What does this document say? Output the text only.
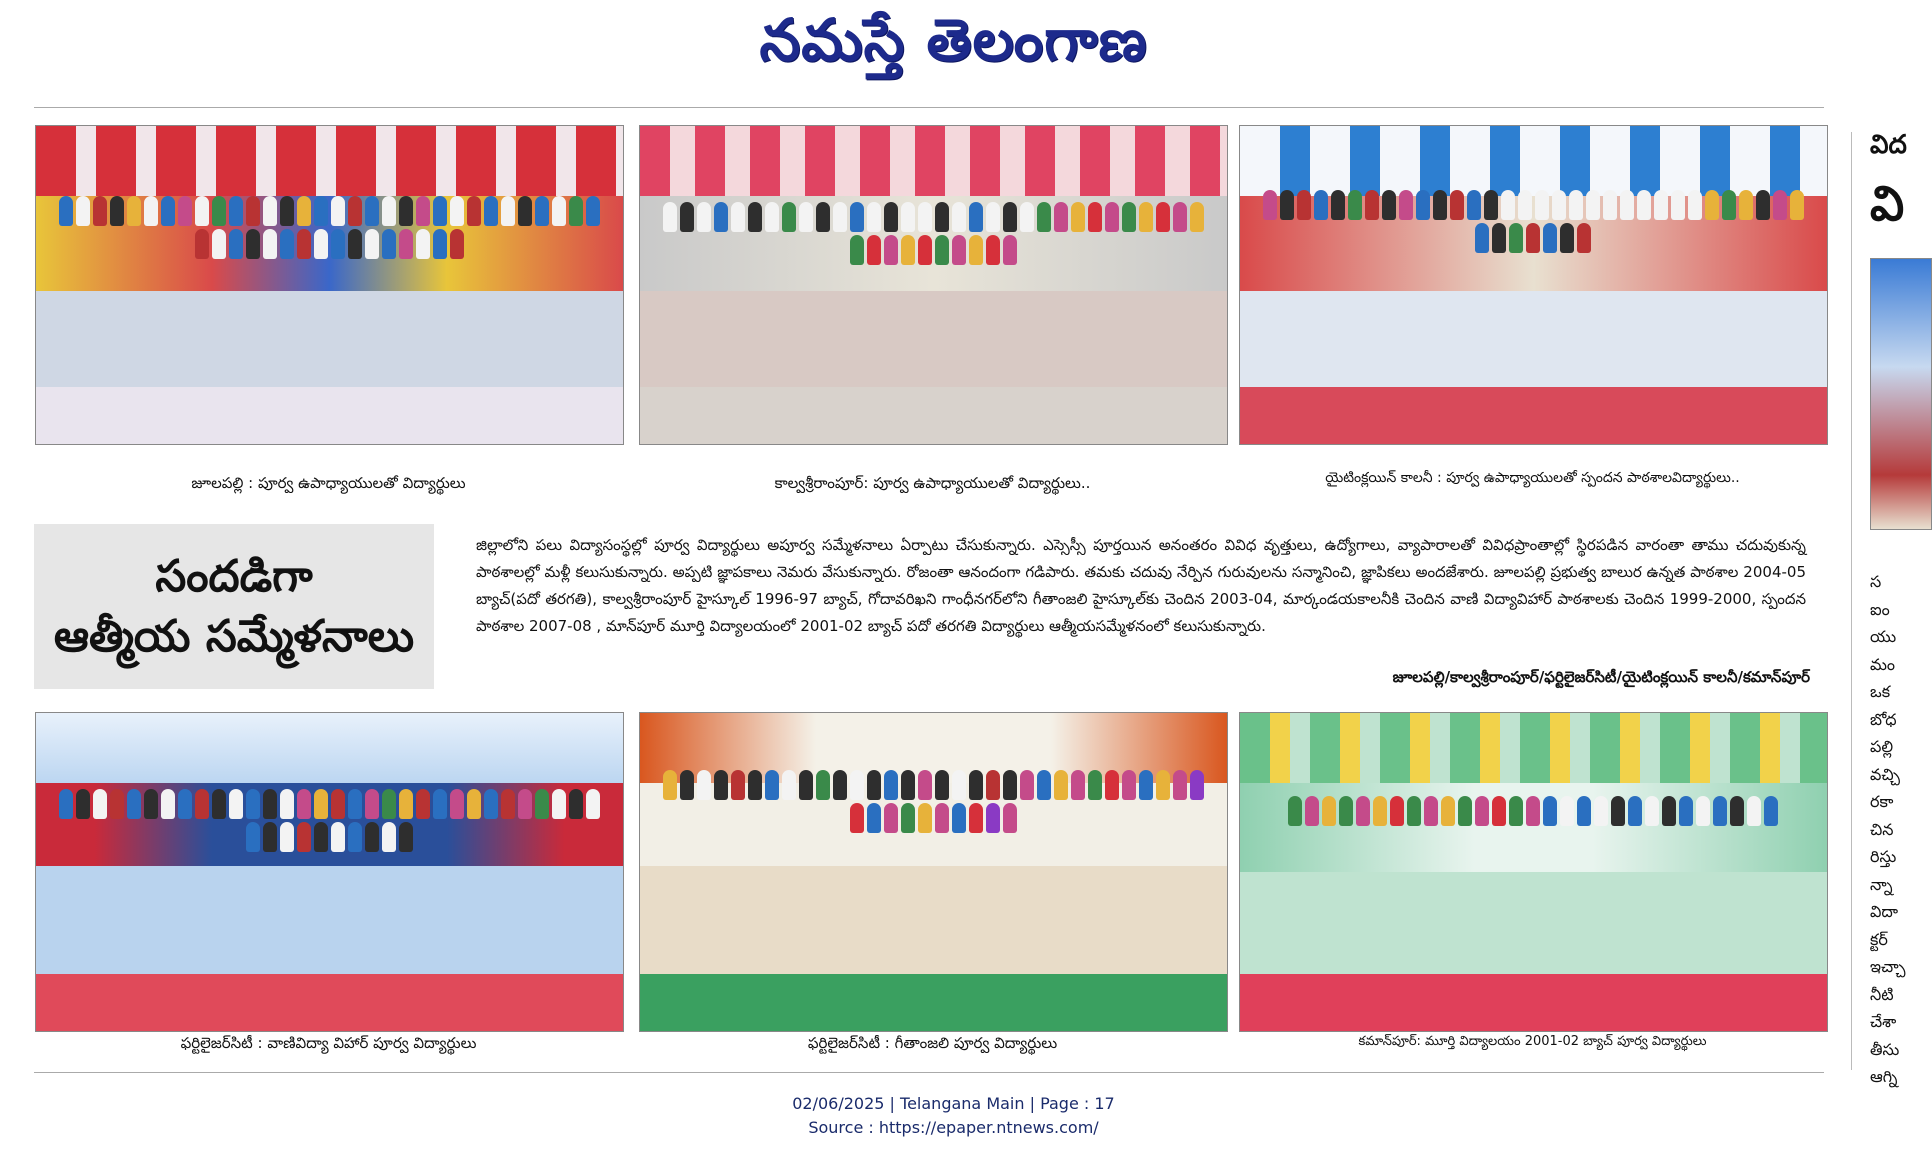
నమస్తే తెలంగాణ
జూలపల్లి : పూర్వ ఉపాధ్యాయులతో విద్యార్థులు	కాల్వశ్రీరాంపూర్: పూర్వ ఉపాధ్యాయులతో విద్యార్థులు..	యైటింక్లయిన్ కాలనీ : పూర్వ ఉపాధ్యాయులతో స్పందన పాఠశాలవిద్యార్థులు..
సందడిగా
ఆత్మీయ సమ్మేళనాలు
జిల్లాలోని పలు విద్యాసంస్థల్లో పూర్వ విద్యార్థులు అపూర్వ సమ్మేళనాలు ఏర్పాటు చేసుకున్నారు. ఎస్సెస్సీ పూర్తయిన అనంతరం వివిధ వృత్తులు, ఉద్యోగాలు, వ్యాపారాలతో వివిధప్రాంతాల్లో స్థిరపడిన వారంతా తాము చదువుకున్న పాఠశాలల్లో మళ్లీ కలుసుకున్నారు. అప్పటి జ్ఞాపకాలు నెమరు వేసుకున్నారు. రోజంతా ఆనందంగా గడిపారు. తమకు చదువు నేర్పిన గురువులను సన్మానించి, జ్ఞాపికలు అందజేశారు. జూలపల్లి ప్రభుత్వ బాలుర ఉన్నత పాఠశాల 2004-05 బ్యాచ్(పదో తరగతి), కాల్వశ్రీరాంపూర్ హైస్కూల్ 1996-97 బ్యాచ్, గోదావరిఖని గాంధీనగర్‌లోని గీతాంజలి హైస్కూల్‌కు చెందిన 2003-04, మార్కండయకాలనీకి చెందిన వాణి విద్యావిహార్ పాఠశాలకు చెందిన 1999-2000, స్పందన పాఠశాల 2007-08 , మాన్‌పూర్ మూర్తి విద్యాలయంలో 2001-02 బ్యాచ్ పదో తరగతి విద్యార్థులు ఆత్మీయసమ్మేళనంలో కలుసుకున్నారు.
జూలపల్లి/కాల్వశ్రీరాంపూర్/ఫర్టిలైజర్‌సిటీ/యైటింక్లయిన్ కాలనీ/కమాన్‌పూర్
ఫర్టిలైజర్‌సిటీ : వాణివిద్యా విహార్ పూర్వ విద్యార్థులు	ఫర్టిలైజర్‌సిటీ : గీతాంజలి పూర్వ విద్యార్థులు	కమాన్‌పూర్: మూర్తి విద్యాలయం 2001-02 బ్యాచ్ పూర్వ విద్యార్థులు
విద
వి
స
ఐం
యు
మం
ఒక
బోధ
పల్లి
వచ్చి
రకా
చిన
రిస్తు
న్నా
విదా
క్టర్
ఇచ్చా
నీటి
చేశా
తీసు
ఆగ్ని
02/06/2025 | Telangana Main | Page : 17
Source : https://epaper.ntnews.com/
